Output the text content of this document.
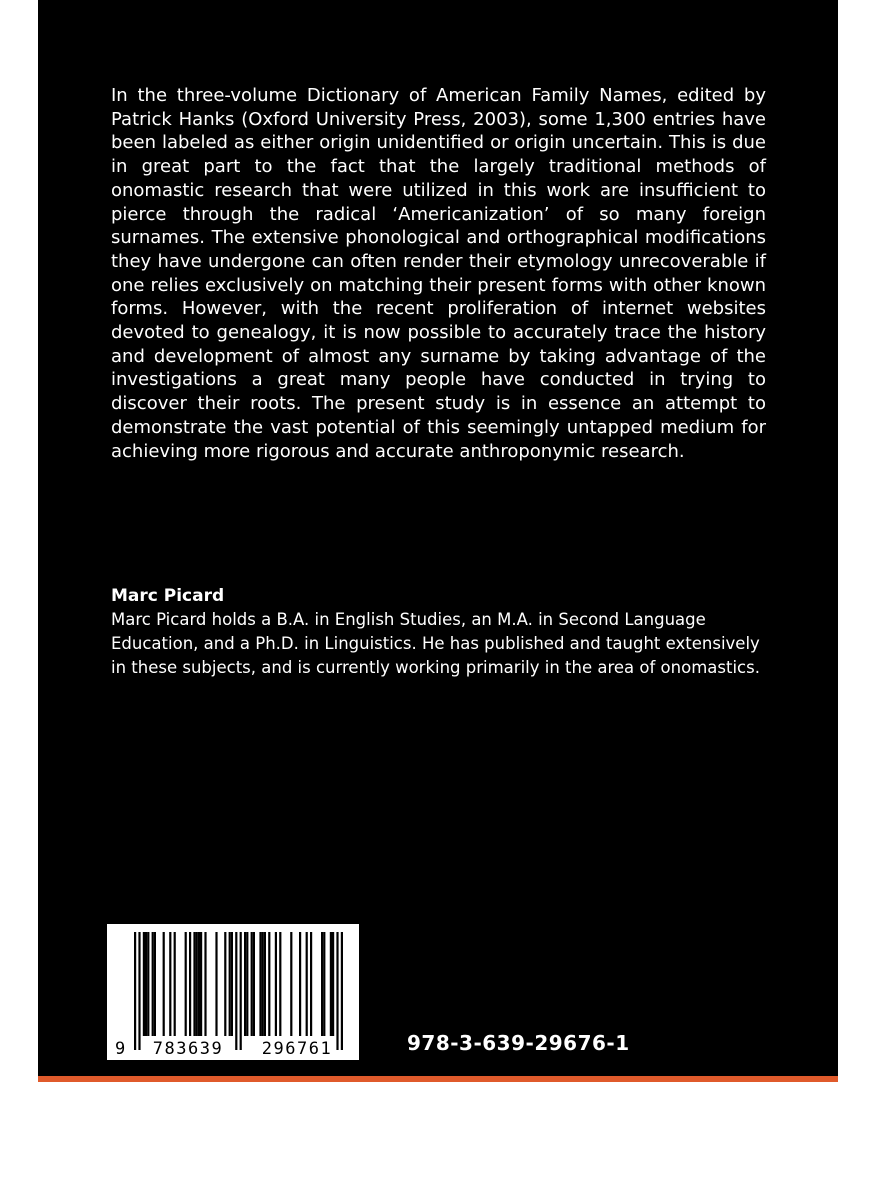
In the three-volume Dictionary of American Family Names, edited by Patrick Hanks (Oxford University Press, 2003), some 1,300 entries have been labeled as either origin unidentified or origin uncertain. This is due in great part to the fact that the largely traditional methods of onomastic research that were utilized in this work are insufficient to pierce through the radical ‘Americanization’ of so many foreign surnames. The extensive phonological and orthographical modifications they have undergone can often render their etymology unrecoverable if one relies exclusively on matching their present forms with other known forms. However, with the recent proliferation of internet websites devoted to genealogy, it is now possible to accurately trace the history and development of almost any surname by taking advantage of the investigations a great many people have conducted in trying to discover their roots. The present study is in essence an attempt to demonstrate the vast potential of this seemingly untapped medium for achieving more rigorous and accurate anthroponymic research.

Marc Picard

Marc Picard holds a B.A. in English Studies, an M.A. in Second Language Education, and a Ph.D. in Linguistics. He has published and taught extensively in these subjects, and is currently working primarily in the area of onomastics.

9 783639 296761	978-3-639-29676-1
